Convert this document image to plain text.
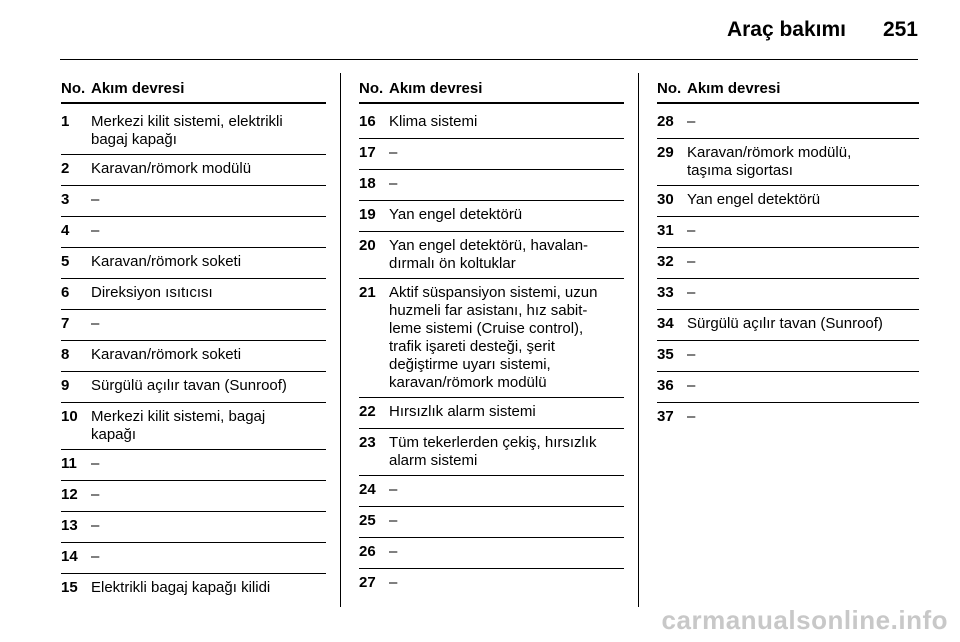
Araç bakımı 251
No. Akım devresi
1	Merkezi kilit sistemi, elektrikli
bagaj kapağı
2	Karavan/römork modülü
3	–
4	–
5	Karavan/römork soketi
6	Direksiyon ısıtıcısı
7	–
8	Karavan/römork soketi
9	Sürgülü açılır tavan (Sunroof)
10 Merkezi kilit sistemi, bagaj
kapağı
11 –
12 –
13 –
14 –
15 Elektrikli bagaj kapağı kilidi
No. Akım devresi
16 Klima sistemi
17 –
18 –
19 Yan engel detektörü
20 Yan engel detektörü, havalan-
dırmalı ön koltuklar
21 Aktif süspansiyon sistemi, uzun
huzmeli far asistanı, hız sabit-
leme sistemi (Cruise control),
trafik işareti desteği, şerit
değiştirme uyarı sistemi,
karavan/römork modülü
22 Hırsızlık alarm sistemi
23 Tüm tekerlerden çekiş, hırsızlık
alarm sistemi
24 –
25 –
26 –
27 –
No. Akım devresi
28 –
29 Karavan/römork modülü,
taşıma sigortası
30 Yan engel detektörü
31 –
32 –
33 –
34 Sürgülü açılır tavan (Sunroof)
35 –
36 –
37 –
carmanualsonline.info
